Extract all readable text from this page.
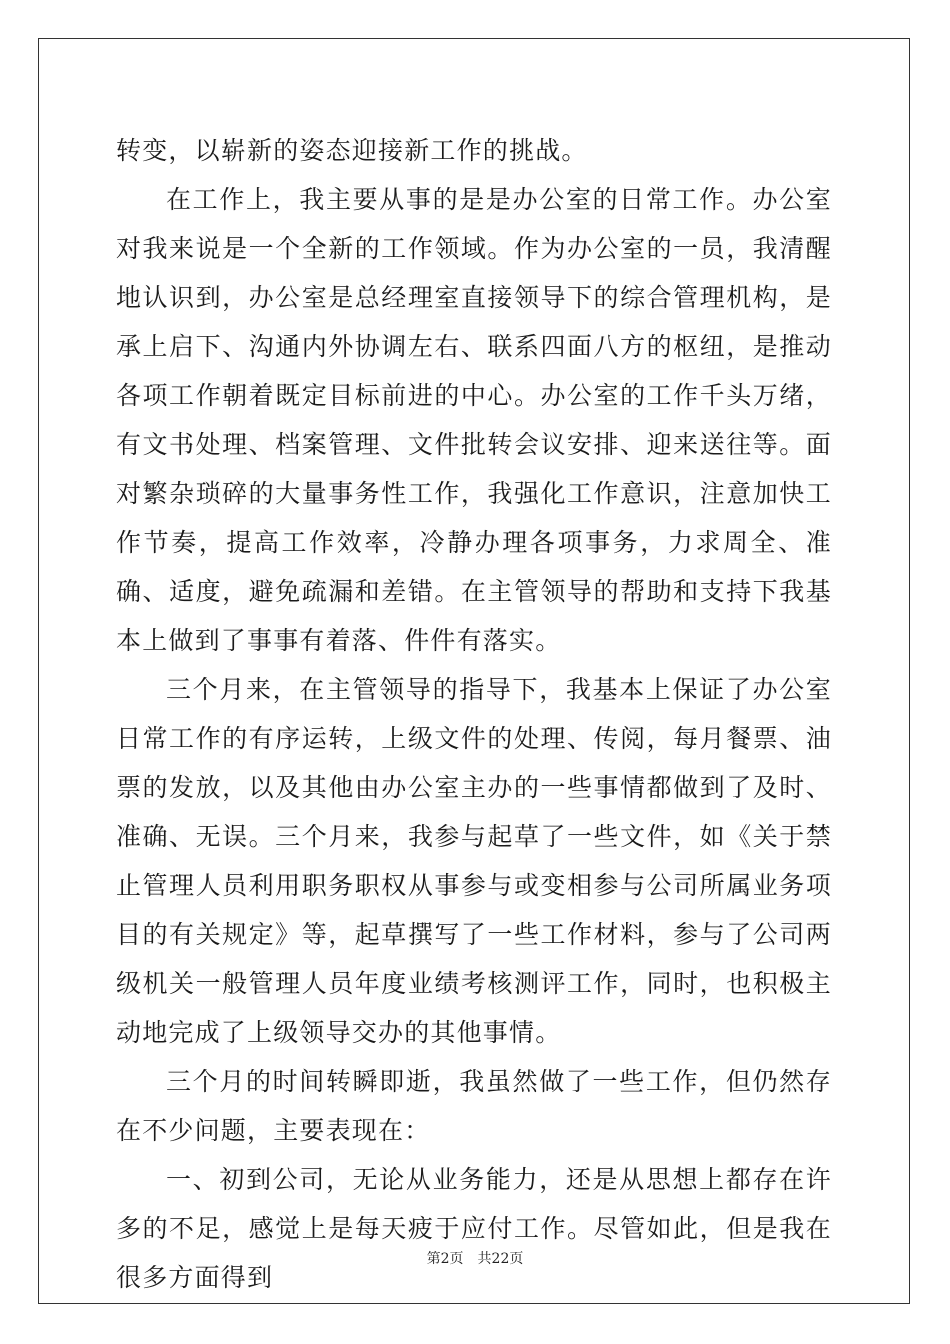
转变，以崭新的姿态迎接新工作的挑战。

在工作上，我主要从事的是是办公室的日常工作。办公室对我来说是一个全新的工作领域。作为办公室的一员，我清醒地认识到，办公室是总经理室直接领导下的综合管理机构，是承上启下、沟通内外协调左右、联系四面八方的枢纽，是推动各项工作朝着既定目标前进的中心。办公室的工作千头万绪，有文书处理、档案管理、文件批转会议安排、迎来送往等。面对繁杂琐碎的大量事务性工作，我强化工作意识，注意加快工作节奏，提高工作效率，冷静办理各项事务，力求周全、准确、适度，避免疏漏和差错。在主管领导的帮助和支持下我基本上做到了事事有着落、件件有落实。

三个月来，在主管领导的指导下，我基本上保证了办公室日常工作的有序运转，上级文件的处理、传阅，每月餐票、油票的发放，以及其他由办公室主办的一些事情都做到了及时、准确、无误。三个月来，我参与起草了一些文件，如《关于禁止管理人员利用职务职权从事参与或变相参与公司所属业务项目的有关规定》等，起草撰写了一些工作材料，参与了公司两级机关一般管理人员年度业绩考核测评工作，同时，也积极主动地完成了上级领导交办的其他事情。

三个月的时间转瞬即逝，我虽然做了一些工作，但仍然存在不少问题，主要表现在：

一、初到公司，无论从业务能力，还是从思想上都存在许多的不足，感觉上是每天疲于应付工作。尽管如此，但是我在很多方面得到

第2页 共22页
